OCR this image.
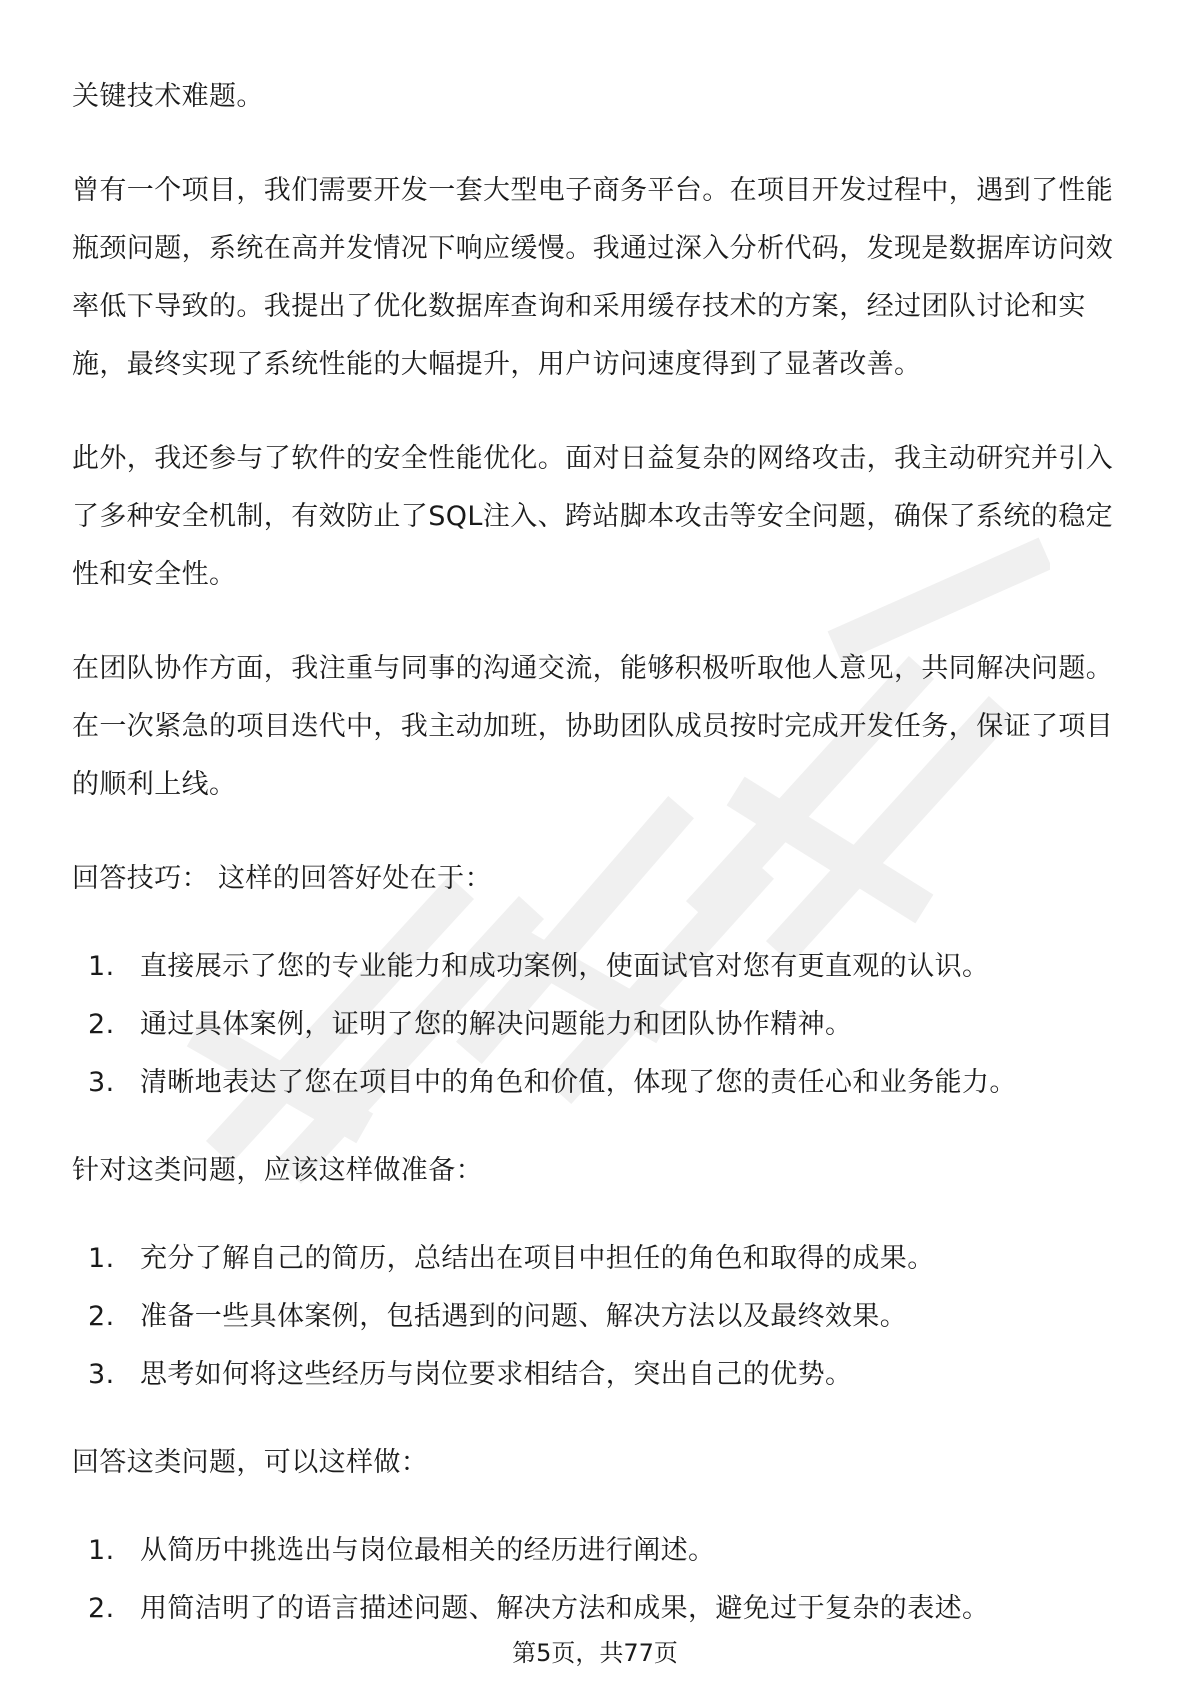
关键技术难题。

曾有一个项目，我们需要开发一套大型电子商务平台。在项目开发过程中，遇到了性能瓶颈问题，系统在高并发情况下响应缓慢。我通过深入分析代码，发现是数据库访问效率低下导致的。我提出了优化数据库查询和采用缓存技术的方案，经过团队讨论和实施，最终实现了系统性能的大幅提升，用户访问速度得到了显著改善。

此外，我还参与了软件的安全性能优化。面对日益复杂的网络攻击，我主动研究并引入了多种安全机制，有效防止了SQL注入、跨站脚本攻击等安全问题，确保了系统的稳定性和安全性。

在团队协作方面，我注重与同事的沟通交流，能够积极听取他人意见，共同解决问题。在一次紧急的项目迭代中，我主动加班，协助团队成员按时完成开发任务，保证了项目的顺利上线。

回答技巧： 这样的回答好处在于：

1. 直接展示了您的专业能力和成功案例，使面试官对您有更直观的认识。
2. 通过具体案例，证明了您的解决问题能力和团队协作精神。
3. 清晰地表达了您在项目中的角色和价值，体现了您的责任心和业务能力。

针对这类问题，应该这样做准备：

1. 充分了解自己的简历，总结出在项目中担任的角色和取得的成果。
2. 准备一些具体案例，包括遇到的问题、解决方法以及最终效果。
3. 思考如何将这些经历与岗位要求相结合，突出自己的优势。

回答这类问题，可以这样做：

1. 从简历中挑选出与岗位最相关的经历进行阐述。
2. 用简洁明了的语言描述问题、解决方法和成果，避免过于复杂的表述。
第5页，共77页
